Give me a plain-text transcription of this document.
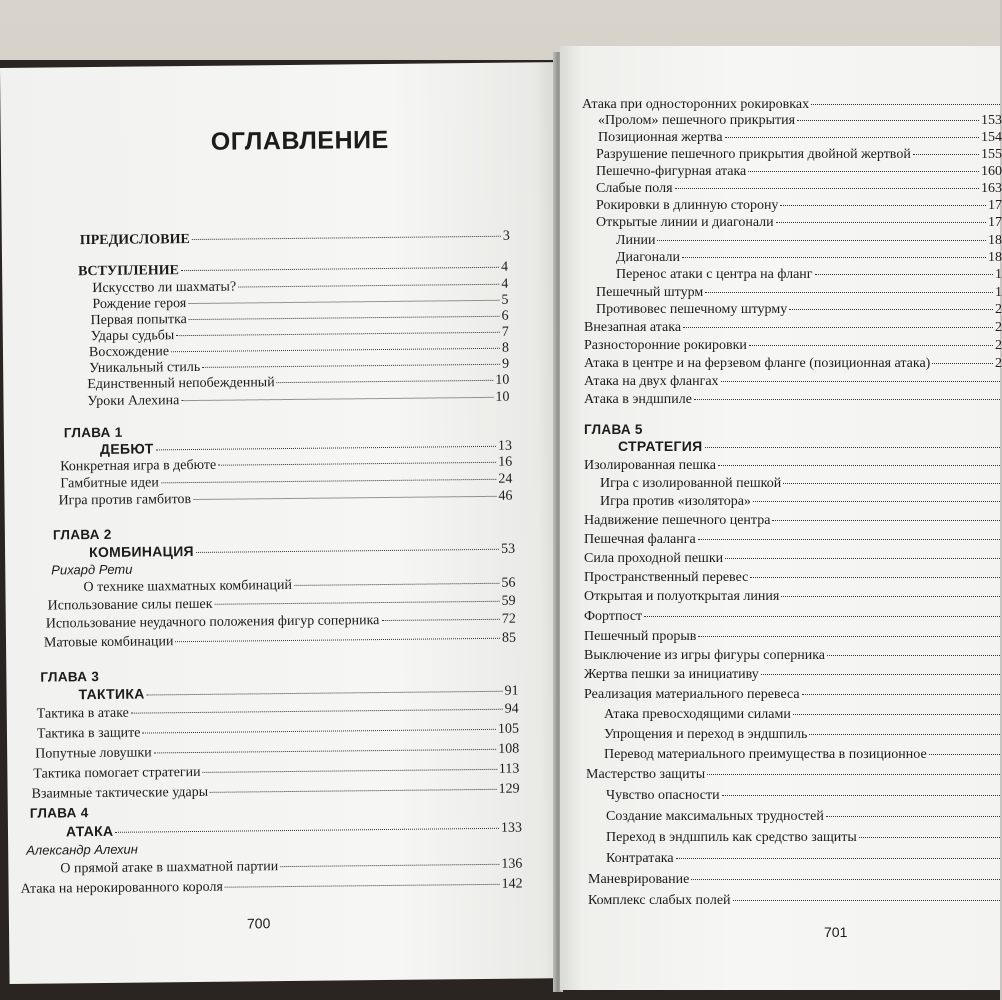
ОГЛАВЛЕНИЕ
ПРЕДИСЛОВИЕ	3
ВСТУПЛЕНИЕ	4
Искусство ли шахматы?	4
Рождение героя	5
Первая попытка	6
Удары судьбы	7
Восхождение	8
Уникальный стиль	9
Единственный непобежденный	10
Уроки Алехина	10
ГЛАВА 1
ДЕБЮТ	13
Конкретная игра в дебюте	16
Гамбитные идеи	24
Игра против гамбитов	46
ГЛАВА 2
КОМБИНАЦИЯ	53
Рихард Рети
О технике шахматных комбинаций	56
Использование силы пешек	59
Использование неудачного положения фигур соперника	72
Матовые комбинации	85
ГЛАВА 3
ТАКТИКА	91
Тактика в атаке	94
Тактика в защите	105
Попутные ловушки	108
Тактика помогает стратегии	113
Взаимные тактические удары	129
ГЛАВА 4
АТАКА	133
Александр Алехин
О прямой атаке в шахматной партии	136
Атака на нерокированного короля	142
700
Атака при односторонних рокировках
«Пролом» пешечного прикрытия	153
Позиционная жертва	154
Разрушение пешечного прикрытия двойной жертвой	155
Пешечно-фигурная атака	160
Слабые поля	163
Рокировки в длинную сторону	17
Открытые линии и диагонали	17
Линии	18
Диагонали	18
Перенос атаки с центра на фланг	1
Пешечный штурм	1
Противовес пешечному штурму	2
Внезапная атака	2
Разносторонние рокировки	2
Атака в центре и на ферзевом фланге (позиционная атака)	2
Атака на двух флангах
Атака в эндшпиле
ГЛАВА 5
СТРАТЕГИЯ
Изолированная пешка
Игра с изолированной пешкой
Игра против «изолятора»
Надвижение пешечного центра
Пешечная фаланга
Сила проходной пешки
Пространственный перевес
Открытая и полуоткрытая линия
Фортпост
Пешечный прорыв
Выключение из игры фигуры соперника
Жертва пешки за инициативу
Реализация материального перевеса
Атака превосходящими силами
Упрощения и переход в эндшпиль
Перевод материального преимущества в позиционное
Мастерство защиты
Чувство опасности
Создание максимальных трудностей
Переход в эндшпиль как средство защиты
Контратака
Маневрирование
Комплекс слабых полей
701
